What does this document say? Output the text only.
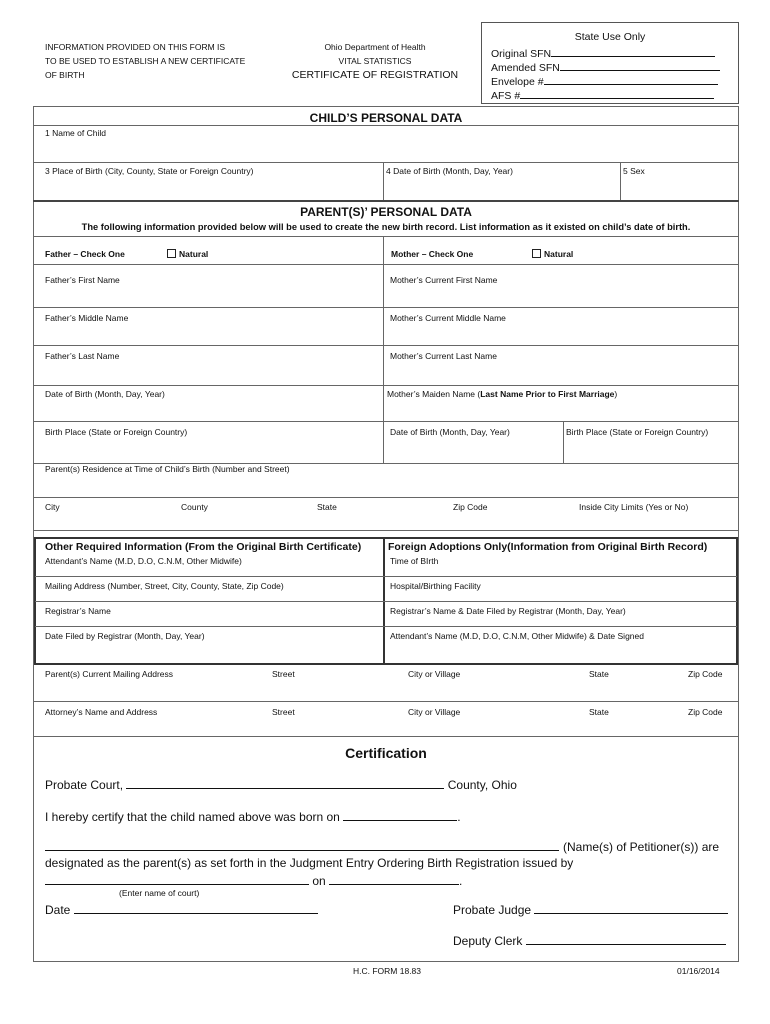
INFORMATION PROVIDED ON THIS FORM IS
TO BE USED TO ESTABLISH A NEW CERTIFICATE
OF BIRTH
Ohio Department of Health
VITAL STATISTICS
CERTIFICATE OF REGISTRATION
State Use Only
Original SFN
Amended SFN
Envelope #
AFS #
CHILD’S PERSONAL DATA
1 Name of Child
3 Place of Birth (City, County, State or Foreign Country)	4 Date of Birth (Month, Day, Year)	5 Sex
PARENT(S)’ PERSONAL DATA
The following information provided below will be used to create the new birth record. List information as it existed on child’s date of birth.
Father – Check One	Natural	Mother – Check One	Natural
Father’s First Name	Mother’s Current First Name
Father’s Middle Name	Mother’s Current Middle Name
Father’s Last Name	Mother’s Current Last Name
Date of Birth (Month, Day, Year)	Mother’s Maiden Name (Last Name Prior to First Marriage)
Birth Place (State or Foreign Country)	Date of Birth (Month, Day, Year)	Birth Place (State or Foreign Country)
Parent(s) Residence at Time of Child’s Birth (Number and Street)
City	County	State	Zip Code	Inside City Limits (Yes or No)
Other Required Information (From the Original Birth Certificate)	Foreign Adoptions Only(Information from Original Birth Record)
Attendant’s Name (M.D, D.O, C.N.M, Other Midwife)	Time of BIrth
Mailing Address (Number, Street, City, County, State, Zip Code)	Hospital/Birthing Facility
Registrar’s Name	Registrar’s Name & Date Filed by Registrar (Month, Day, Year)
Date Filed by Registrar (Month, Day, Year)	Attendant’s Name (M.D, D.O, C.N.M, Other Midwife) & Date Signed
Parent(s) Current Mailing Address	Street	City or Village	State	Zip Code
Attorney’s Name and Address	Street	City or Village	State	Zip Code
Certification
Probate Court,	County, Ohio
I hereby certify that the child named above was born on	.
(Name(s) of Petitioner(s)) are
designated as the parent(s) as set forth in the Judgment Entry Ordering Birth Registration issued by
on	.
(Enter name of court)
Date	Probate Judge
Deputy Clerk
H.C. FORM 18.83	01/16/2014
